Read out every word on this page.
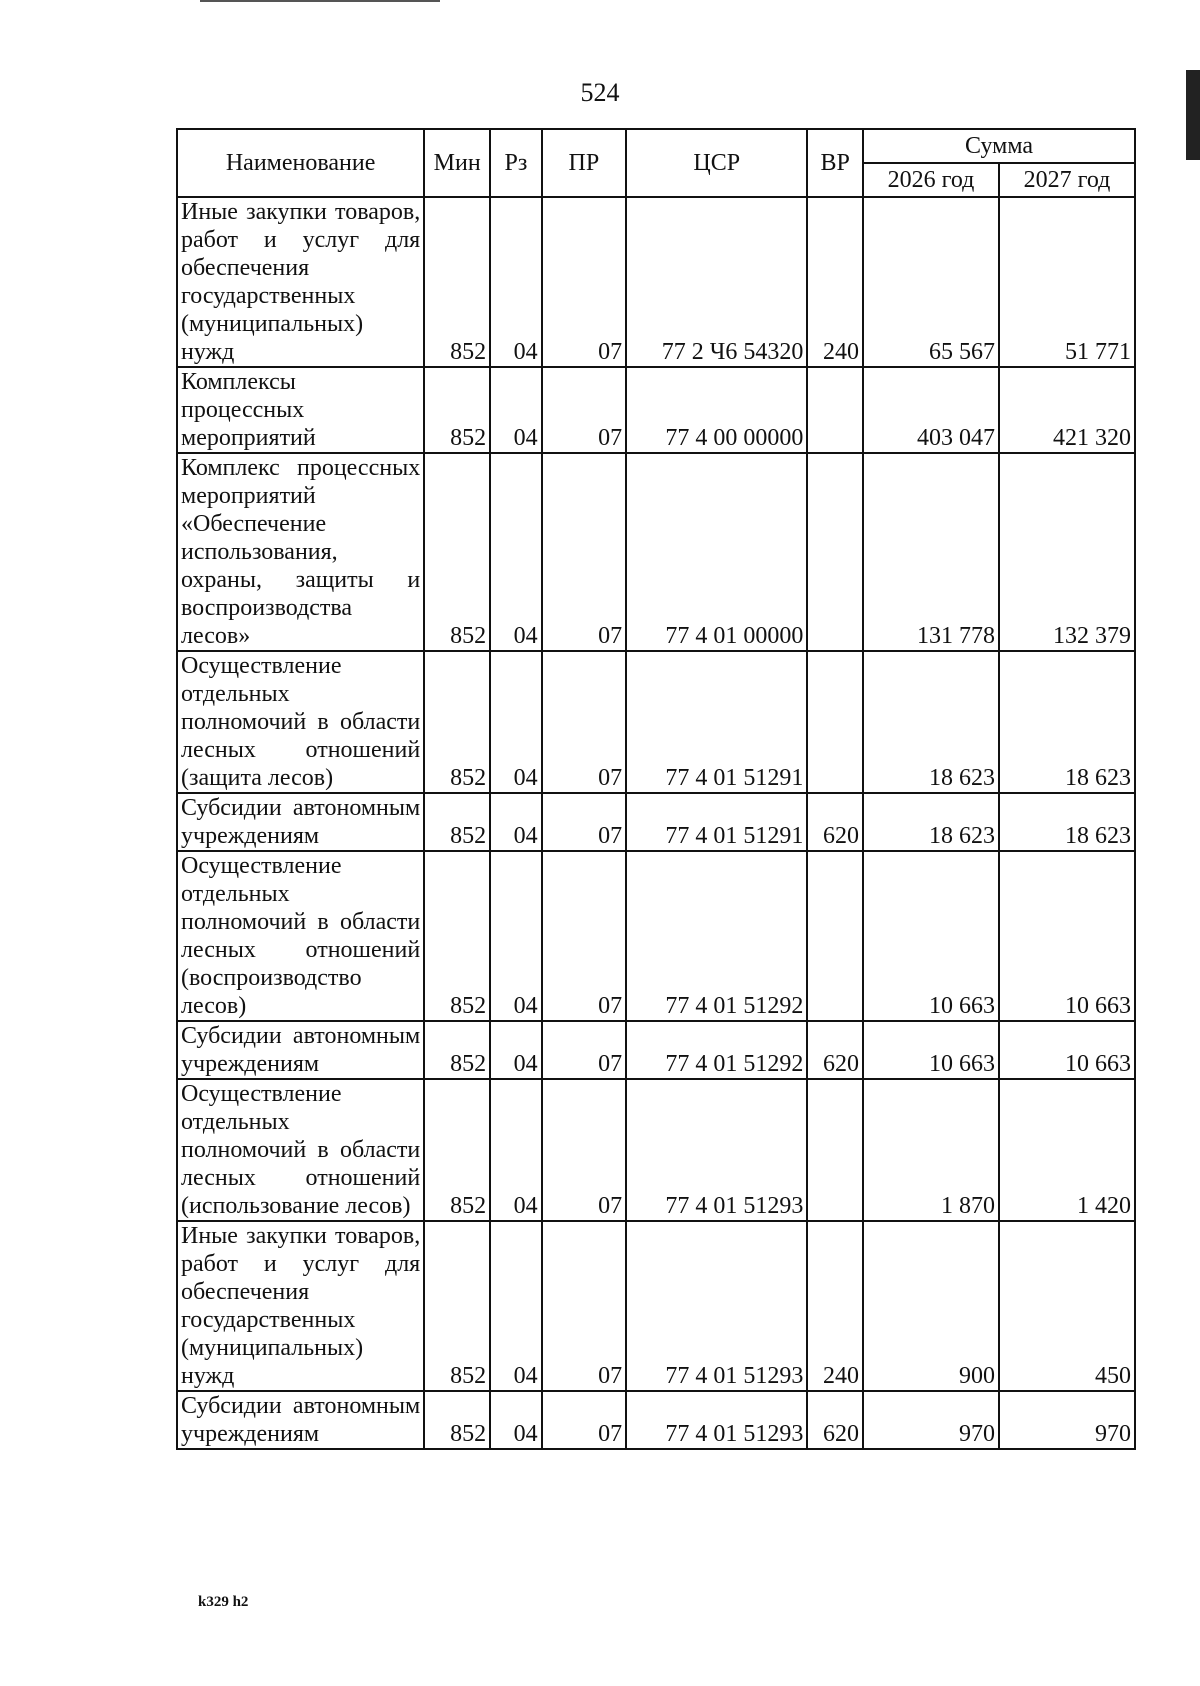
524
Наименование	Мин	Рз	ПР	ЦСР	ВР	Сумма	
						2026 год	2027 год
Иные закупки товаров, работ и услуг для обеспечения государственных (муниципальных) нужд	852	04	07	77 2 Ч6 54320	240	65 567	51 771
Комплексы процессных мероприятий	852	04	07	77 4 00 00000		403 047	421 320
Комплекс процессных мероприятий «Обеспечение использования, охраны, защиты и воспроизводства лесов»	852	04	07	77 4 01 00000		131 778	132 379
Осуществление отдельных полномочий в области лесных отношений (защита лесов)	852	04	07	77 4 01 51291		18 623	18 623
Субсидии автономным учреждениям	852	04	07	77 4 01 51291	620	18 623	18 623
Осуществление отдельных полномочий в области лесных отношений (воспроизводство лесов)	852	04	07	77 4 01 51292		10 663	10 663
Субсидии автономным учреждениям	852	04	07	77 4 01 51292	620	10 663	10 663
Осуществление отдельных полномочий в области лесных отношений (использование лесов)	852	04	07	77 4 01 51293		1 870	1 420
Иные закупки товаров, работ и услуг для обеспечения государственных (муниципальных) нужд	852	04	07	77 4 01 51293	240	900	450
Субсидии автономным учреждениям	852	04	07	77 4 01 51293	620	970	970
k329 h2
